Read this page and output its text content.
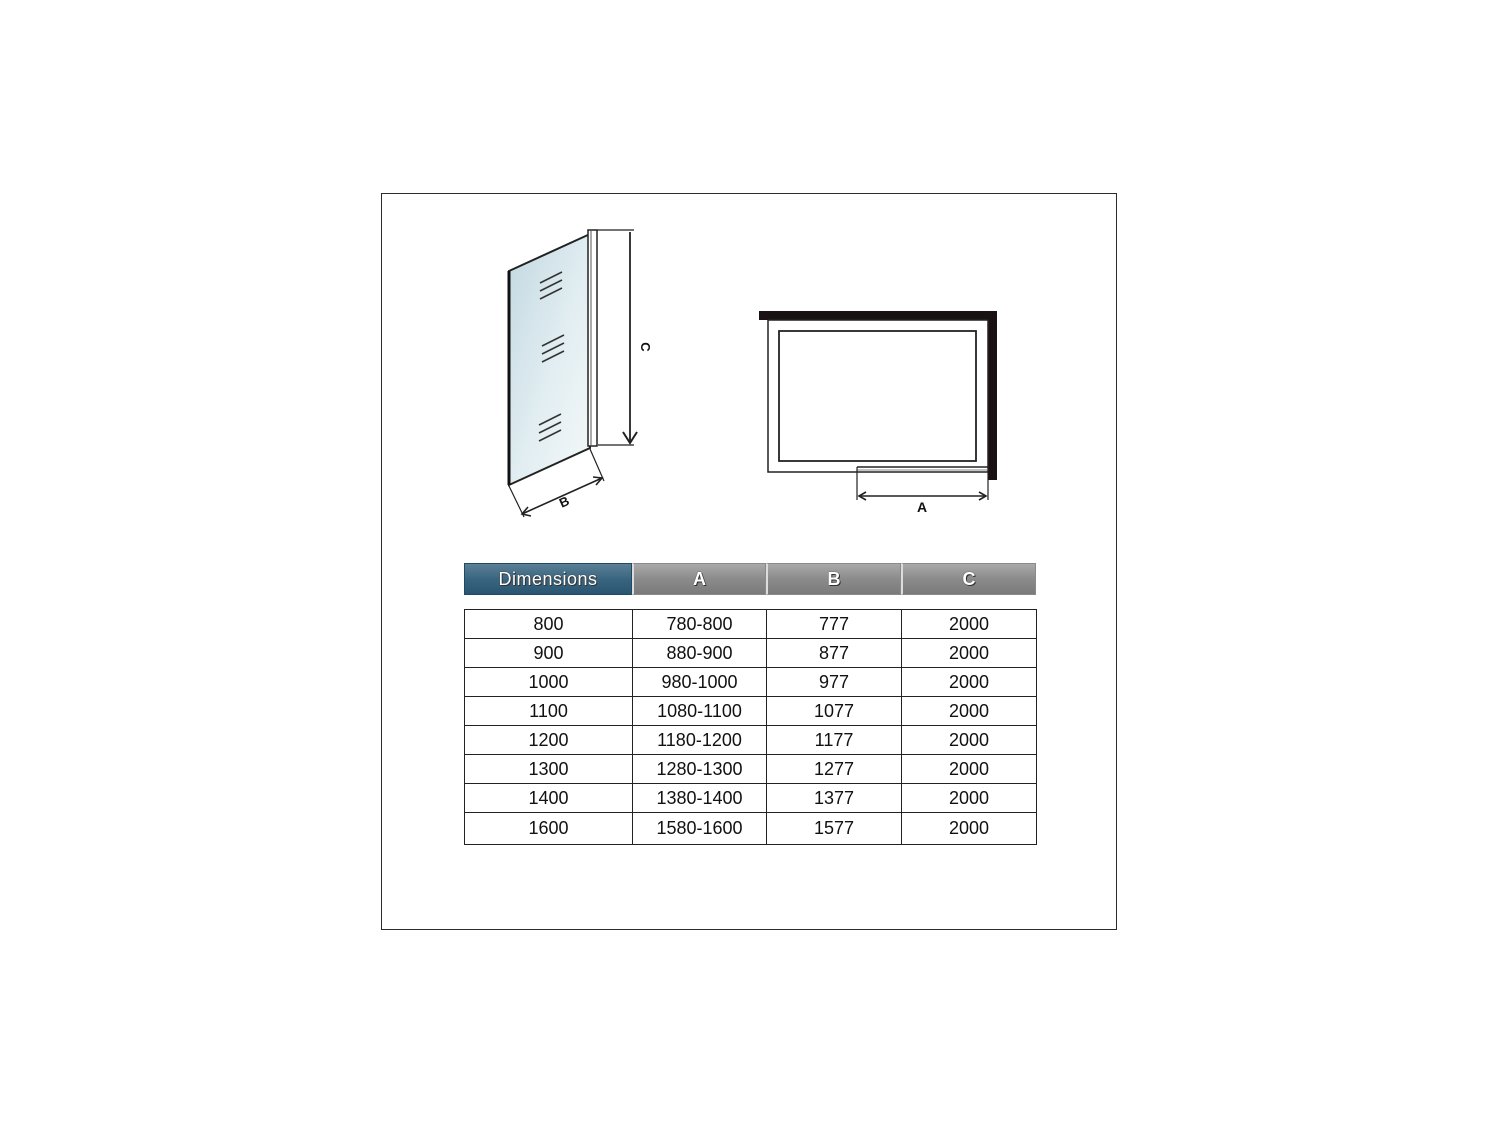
C
B	A
Dimensions	A	B	C
800	780-800	777	2000
900	880-900	877	2000
1000	980-1000	977	2000
1100	1080-1100	1077	2000
1200	1180-1200	1177	2000
1300	1280-1300	1277	2000
1400	1380-1400	1377	2000
1600	1580-1600	1577	2000
